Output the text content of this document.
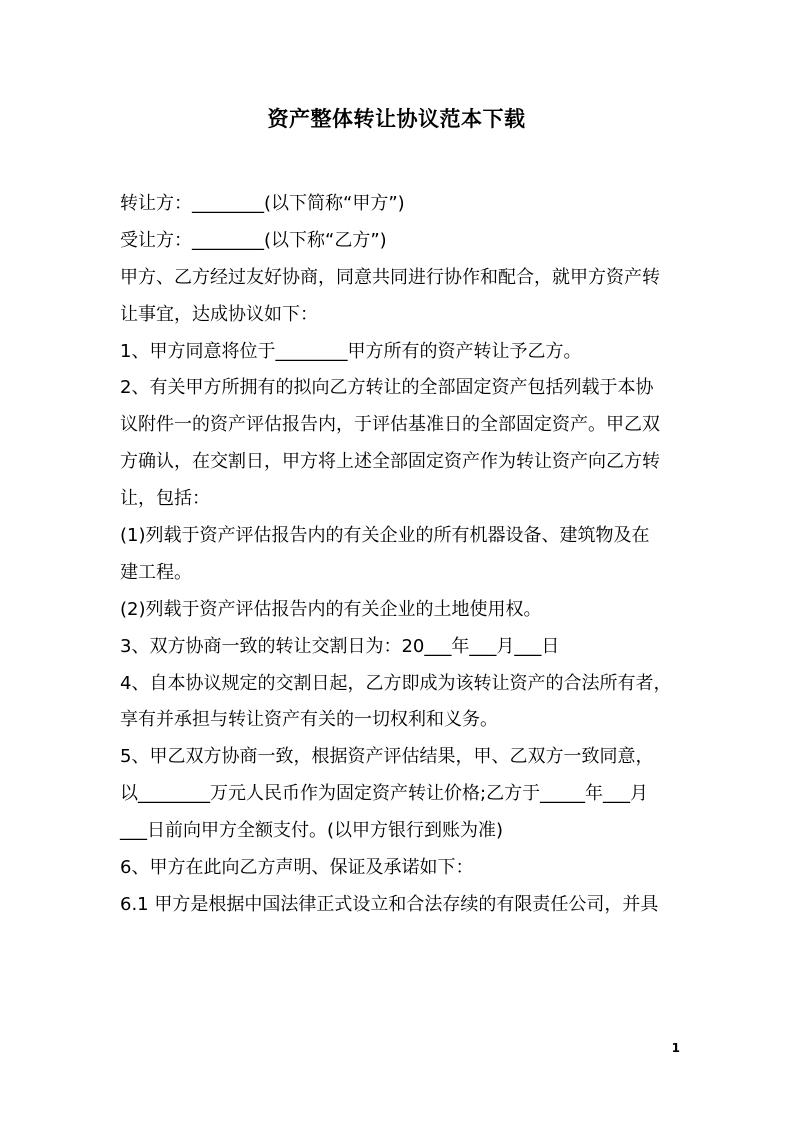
资产整体转让协议范本下载
转让方：________(以下简称“甲方”)
受让方：________(以下称“乙方”)
甲方、乙方经过友好协商，同意共同进行协作和配合，就甲方资产转
让事宜，达成协议如下：
1、甲方同意将位于________甲方所有的资产转让予乙方。
2、有关甲方所拥有的拟向乙方转让的全部固定资产包括列载于本协
议附件一的资产评估报告内，于评估基准日的全部固定资产。甲乙双
方确认，在交割日，甲方将上述全部固定资产作为转让资产向乙方转
让，包括：
(1)列载于资产评估报告内的有关企业的所有机器设备、建筑物及在
建工程。
(2)列载于资产评估报告内的有关企业的土地使用权。
3、双方协商一致的转让交割日为：20___年___月___日
4、自本协议规定的交割日起，乙方即成为该转让资产的合法所有者，
享有并承担与转让资产有关的一切权利和义务。
5、甲乙双方协商一致，根据资产评估结果，甲、乙双方一致同意，
以________万元人民币作为固定资产转让价格;乙方于_____年___月
___日前向甲方全额支付。(以甲方银行到账为准)
6、甲方在此向乙方声明、保证及承诺如下：
6.1 甲方是根据中国法律正式设立和合法存续的有限责任公司，并具
1
